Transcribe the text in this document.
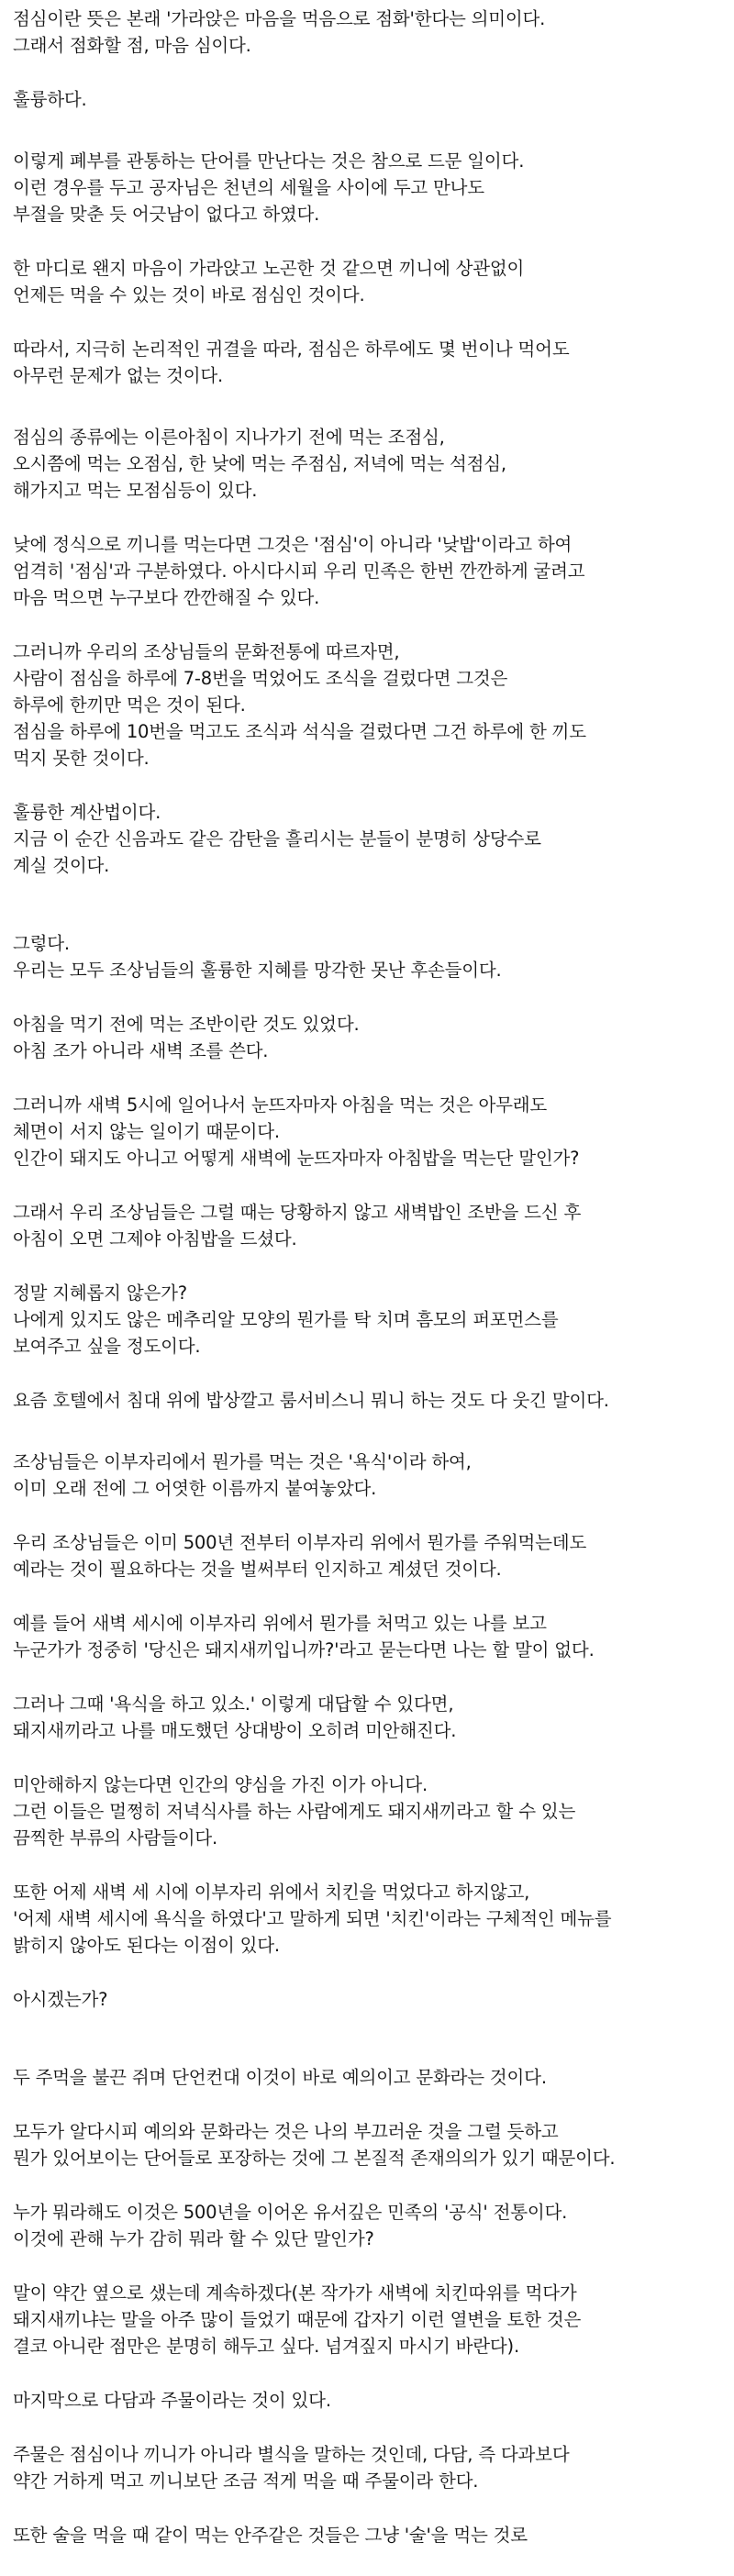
점심이란 뜻은 본래 '가라앉은 마음을 먹음으로 점화'한다는 의미이다.
그래서 점화할 점, 마음 심이다.
훌륭하다.
이렇게 폐부를 관통하는 단어를 만난다는 것은 참으로 드문 일이다.
이런 경우를 두고 공자님은 천년의 세월을 사이에 두고 만나도
부절을 맞춘 듯 어긋남이 없다고 하였다.
한 마디로 왠지 마음이 가라앉고 노곤한 것 같으면 끼니에 상관없이
언제든 먹을 수 있는 것이 바로 점심인 것이다.
따라서, 지극히 논리적인 귀결을 따라, 점심은 하루에도 몇 번이나 먹어도
아무런 문제가 없는 것이다.
점심의 종류에는 이른아침이 지나가기 전에 먹는 조점심,
오시쯤에 먹는 오점심, 한 낮에 먹는 주점심, 저녁에 먹는 석점심,
해가지고 먹는 모점심등이 있다.
낮에 정식으로 끼니를 먹는다면 그것은 '점심'이 아니라 '낮밥'이라고 하여
엄격히 '점심'과 구분하였다. 아시다시피 우리 민족은 한번 깐깐하게 굴려고
마음 먹으면 누구보다 깐깐해질 수 있다.
그러니까 우리의 조상님들의 문화전통에 따르자면,
사람이 점심을 하루에 7-8번을 먹었어도 조식을 걸렀다면 그것은
하루에 한끼만 먹은 것이 된다.
점심을 하루에 10번을 먹고도 조식과 석식을 걸렀다면 그건 하루에 한 끼도
먹지 못한 것이다.
훌륭한 계산법이다.
지금 이 순간 신음과도 같은 감탄을 흘리시는 분들이 분명히 상당수로
계실 것이다.
그렇다.
우리는 모두 조상님들의 훌륭한 지혜를 망각한 못난 후손들이다.
아침을 먹기 전에 먹는 조반이란 것도 있었다.
아침 조가 아니라 새벽 조를 쓴다.
그러니까 새벽 5시에 일어나서 눈뜨자마자 아침을 먹는 것은 아무래도
체면이 서지 않는 일이기 때문이다.
인간이 돼지도 아니고 어떻게 새벽에 눈뜨자마자 아침밥을 먹는단 말인가?
그래서 우리 조상님들은 그럴 때는 당황하지 않고 새벽밥인 조반을 드신 후
아침이 오면 그제야 아침밥을 드셨다.
정말 지혜롭지 않은가?
나에게 있지도 않은 메추리알 모양의 뭔가를 탁 치며 흠모의 퍼포먼스를
보여주고 싶을 정도이다.
요즘 호텔에서 침대 위에 밥상깔고 룸서비스니 뭐니 하는 것도 다 웃긴 말이다.
조상님들은 이부자리에서 뭔가를 먹는 것은 '욕식'이라 하여,
이미 오래 전에 그 어엿한 이름까지 붙여놓았다.
우리 조상님들은 이미 500년 전부터 이부자리 위에서 뭔가를 주워먹는데도
예라는 것이 필요하다는 것을 벌써부터 인지하고 계셨던 것이다.
예를 들어 새벽 세시에 이부자리 위에서 뭔가를 처먹고 있는 나를 보고
누군가가 정중히 '당신은 돼지새끼입니까?'라고 묻는다면 나는 할 말이 없다.
그러나 그때 '욕식을 하고 있소.' 이렇게 대답할 수 있다면,
돼지새끼라고 나를 매도했던 상대방이 오히려 미안해진다.
미안해하지 않는다면 인간의 양심을 가진 이가 아니다.
그런 이들은 멀쩡히 저녁식사를 하는 사람에게도 돼지새끼라고 할 수 있는
끔찍한 부류의 사람들이다.
또한 어제 새벽 세 시에 이부자리 위에서 치킨을 먹었다고 하지않고,
'어제 새벽 세시에 욕식을 하였다'고 말하게 되면 '치킨'이라는 구체적인 메뉴를
밝히지 않아도 된다는 이점이 있다.
아시겠는가?
두 주먹을 불끈 쥐며 단언컨대 이것이 바로 예의이고 문화라는 것이다.
모두가 알다시피 예의와 문화라는 것은 나의 부끄러운 것을 그럴 듯하고
뭔가 있어보이는 단어들로 포장하는 것에 그 본질적 존재의의가 있기 때문이다.
누가 뭐라해도 이것은 500년을 이어온 유서깊은 민족의 '공식' 전통이다.
이것에 관해 누가 감히 뭐라 할 수 있단 말인가?
말이 약간 옆으로 샜는데 계속하겠다(본 작가가 새벽에 치킨따위를 먹다가
돼지새끼냐는 말을 아주 많이 들었기 때문에 갑자기 이런 열변을 토한 것은
결코 아니란 점만은 분명히 해두고 싶다. 넘겨짚지 마시기 바란다).
마지막으로 다담과 주물이라는 것이 있다.
주물은 점심이나 끼니가 아니라 별식을 말하는 것인데, 다담, 즉 다과보다
약간 거하게 먹고 끼니보단 조금 적게 먹을 때 주물이라 한다.
또한 술을 먹을 때 같이 먹는 안주같은 것들은 그냥 '술'을 먹는 것로
